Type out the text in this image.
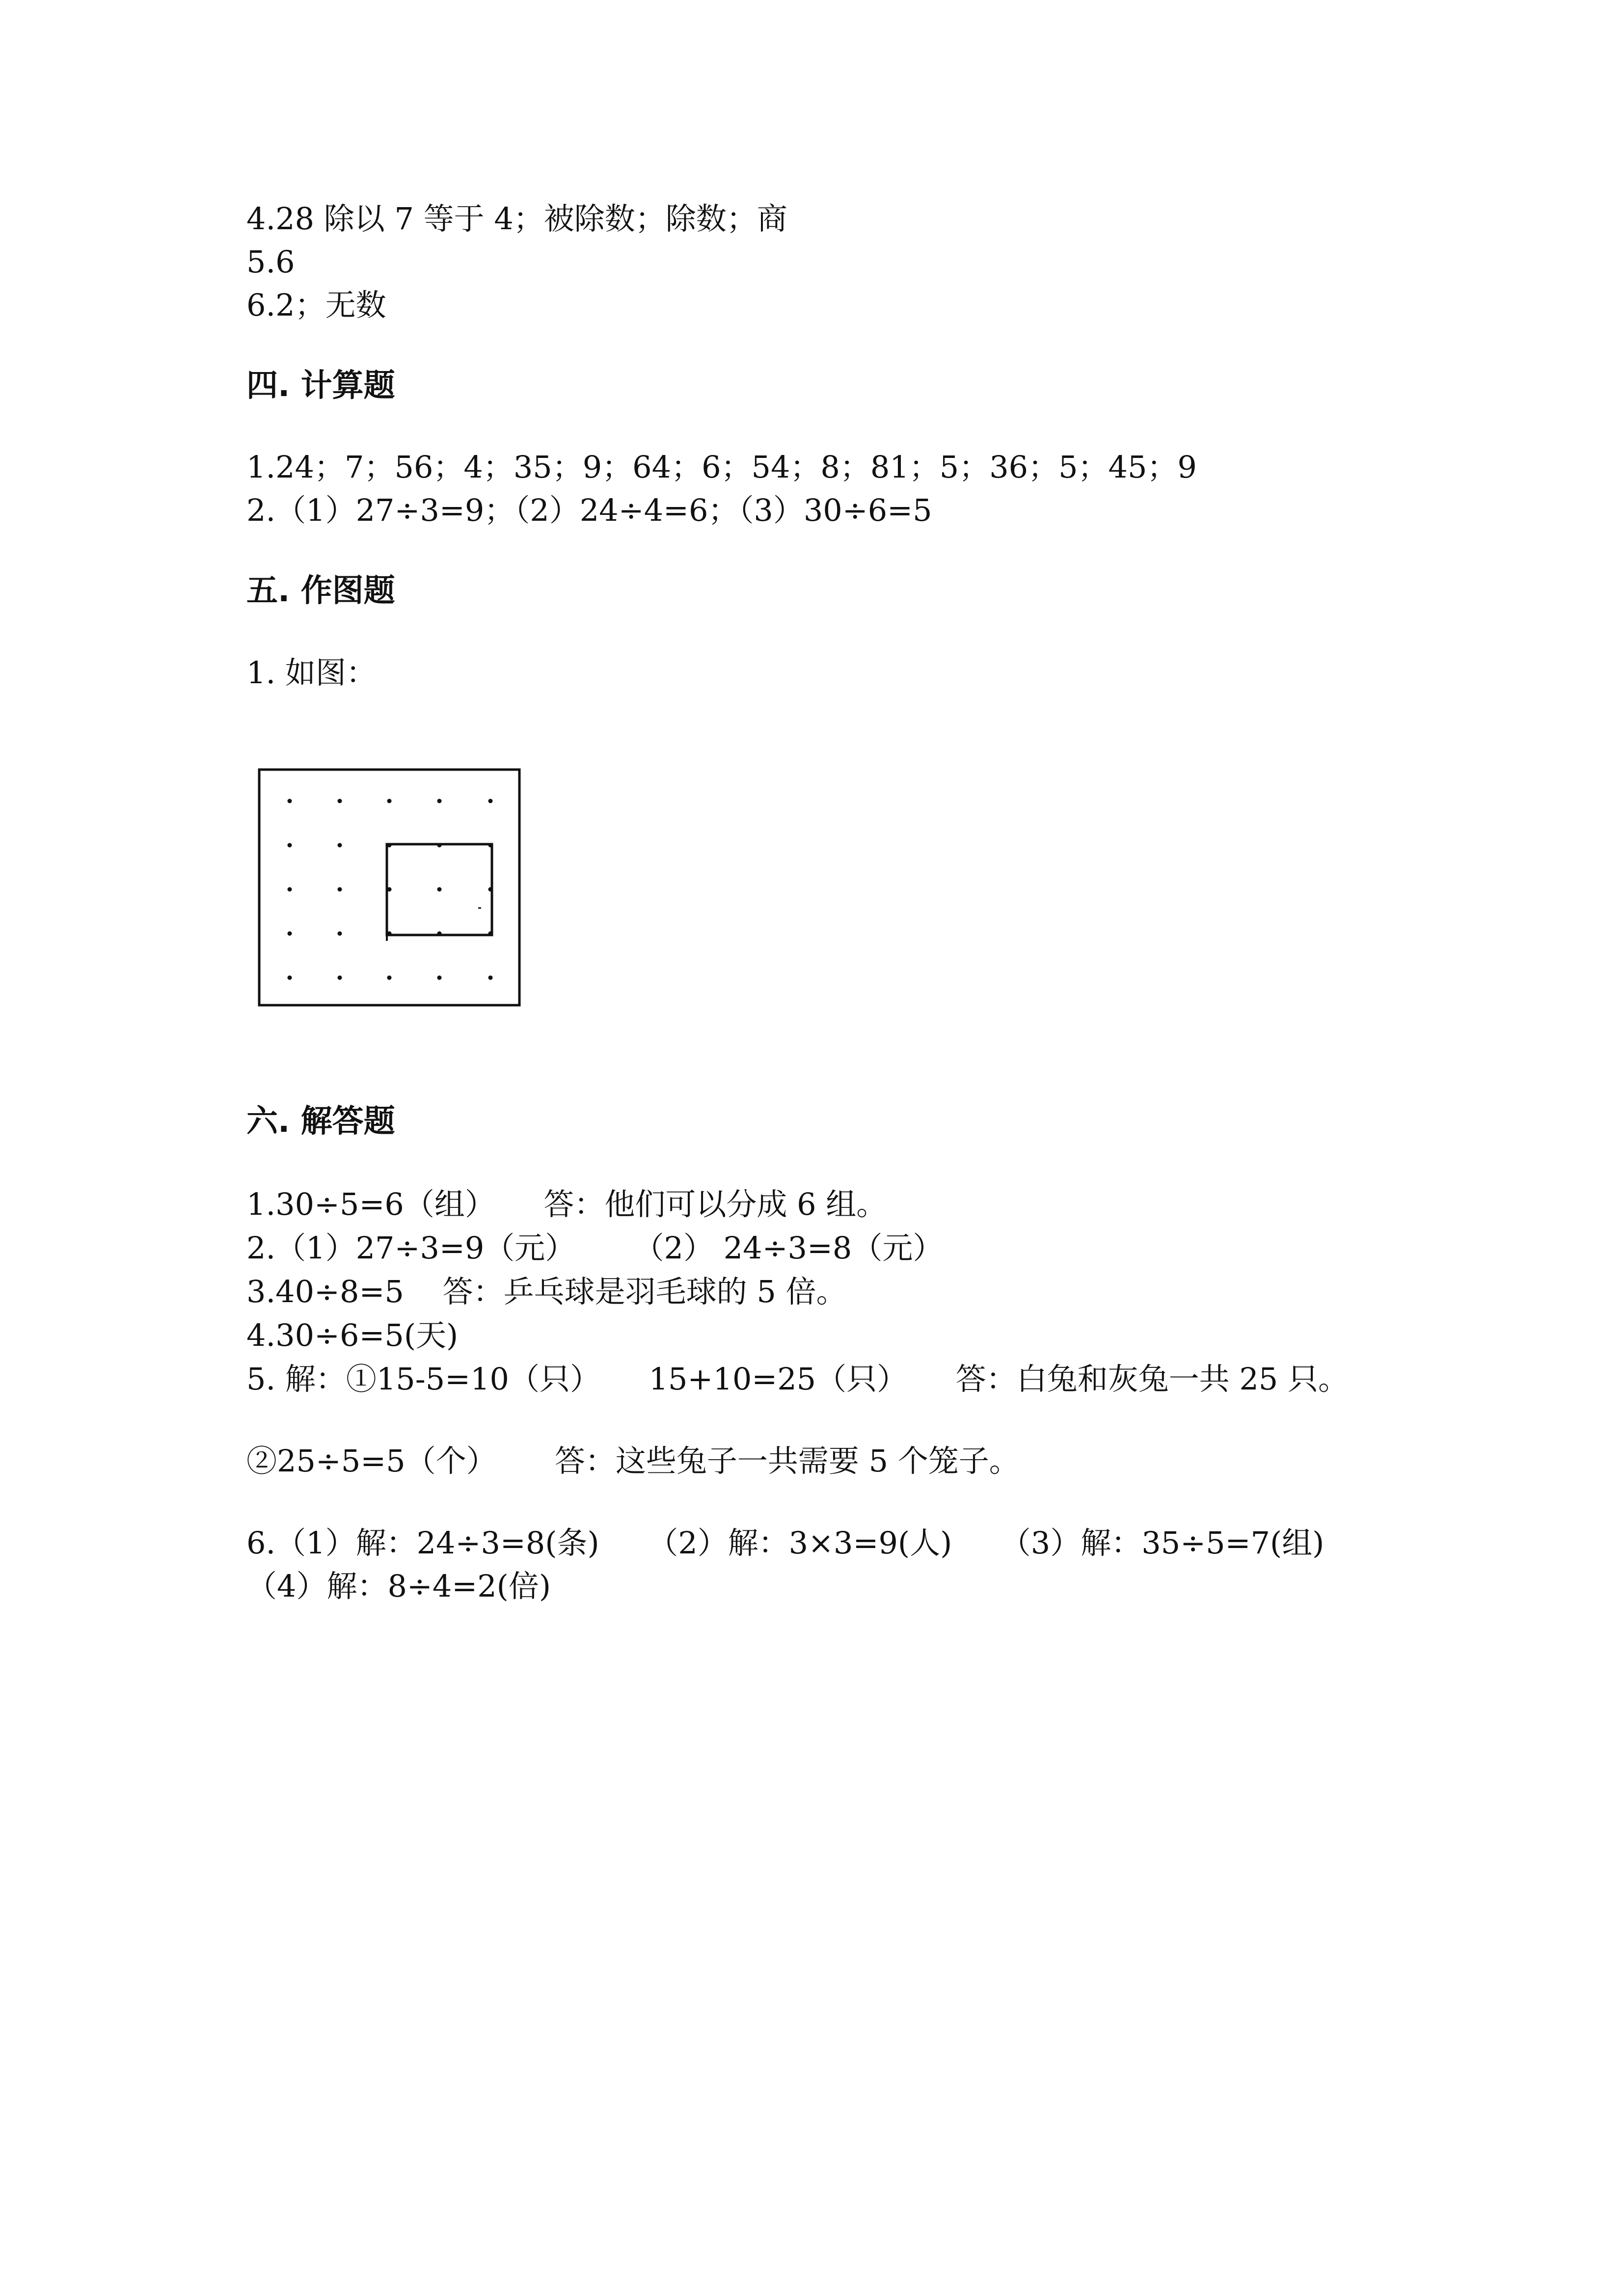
4.28 除以 7 等于 4；被除数；除数；商
5.6
6.2；无数
四. 计算题
1.24；7；56；4；35；9；64；6；54；8；81；5；36；5；45；9
2.（1）27÷3=9；（2）24÷4=6；（3）30÷6=5
五. 作图题
1. 如图：
六. 解答题
1.30÷5=6（组）     答：他们可以分成 6 组。
2.（1）27÷3=9（元）      （2） 24÷3=8（元）
3.40÷8=5    答：乒乓球是羽毛球的 5 倍。
4.30÷6=5(天)
5. 解：①15-5=10（只）     15+10=25（只）     答：白兔和灰兔一共 25 只。
②25÷5=5（个）      答：这些兔子一共需要 5 个笼子。
6.（1）解：24÷3=8(条)     （2）解：3×3=9(人)     （3）解：35÷5=7(组)
（4）解：8÷4=2(倍)
